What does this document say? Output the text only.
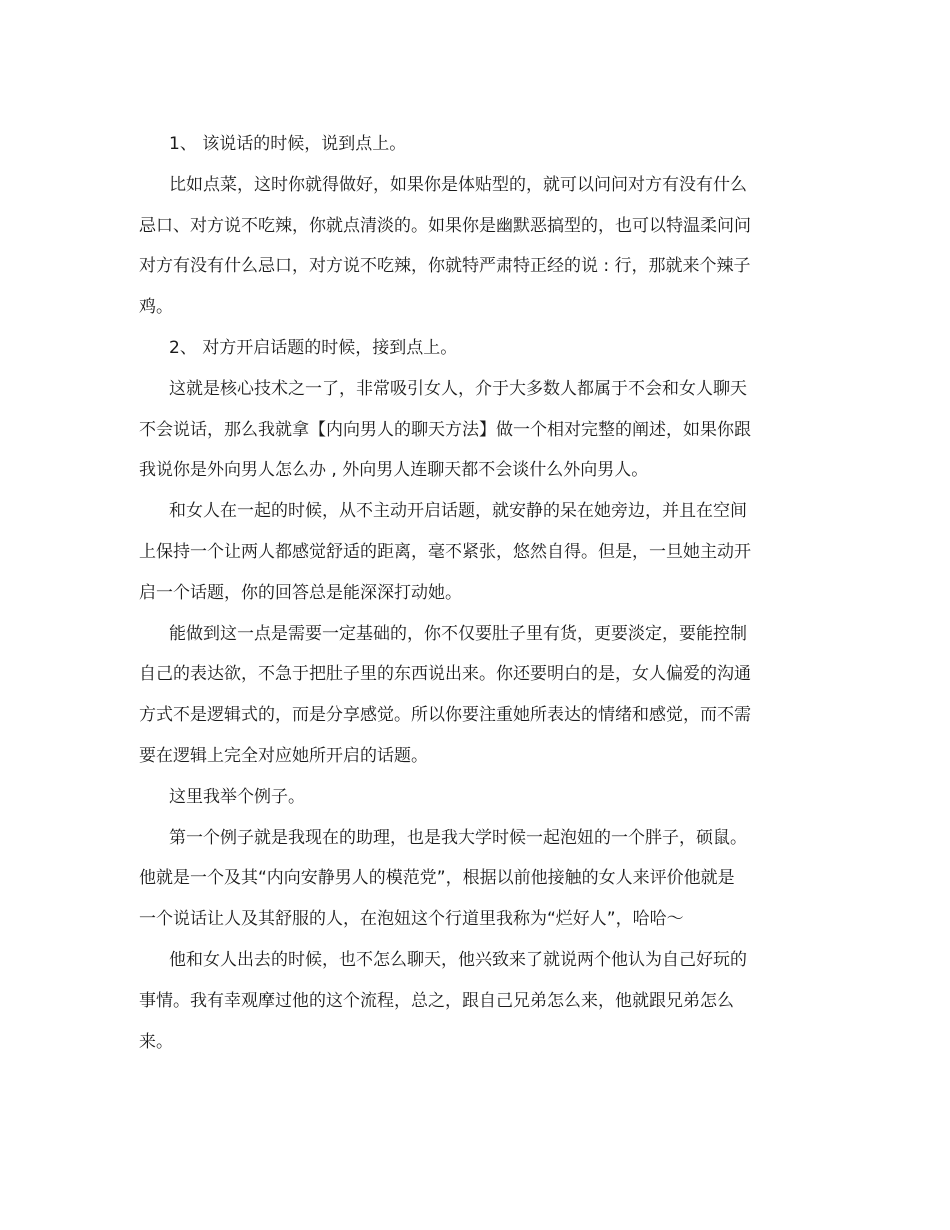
1、 该说话的时候，说到点上。
比如点菜，这时你就得做好，如果你是体贴型的，就可以问问对方有没有什么
忌口、对方说不吃辣，你就点清淡的。如果你是幽默恶搞型的，也可以特温柔问问
对方有没有什么忌口，对方说不吃辣，你就特严肃特正经的说 : 行，那就来个辣子
鸡。
2、 对方开启话题的时候，接到点上。
这就是核心技术之一了，非常吸引女人，介于大多数人都属于不会和女人聊天
不会说话，那么我就拿【内向男人的聊天方法】做一个相对完整的阐述，如果你跟
我说你是外向男人怎么办 , 外向男人连聊天都不会谈什么外向男人。
和女人在一起的时候，从不主动开启话题，就安静的呆在她旁边，并且在空间
上保持一个让两人都感觉舒适的距离，毫不紧张，悠然自得。但是，一旦她主动开
启一个话题，你的回答总是能深深打动她。
能做到这一点是需要一定基础的，你不仅要肚子里有货，更要淡定，要能控制
自己的表达欲，不急于把肚子里的东西说出来。你还要明白的是，女人偏爱的沟通
方式不是逻辑式的，而是分享感觉。所以你要注重她所表达的情绪和感觉，而不需
要在逻辑上完全对应她所开启的话题。
这里我举个例子。
第一个例子就是我现在的助理，也是我大学时候一起泡妞的一个胖子，硕鼠。
他就是一个及其“内向安静男人的模范党”，根据以前他接触的女人来评价他就是
一个说话让人及其舒服的人，在泡妞这个行道里我称为“烂好人”，哈哈～
他和女人出去的时候，也不怎么聊天，他兴致来了就说两个他认为自己好玩的
事情。我有幸观摩过他的这个流程，总之，跟自己兄弟怎么来，他就跟兄弟怎么
来。
